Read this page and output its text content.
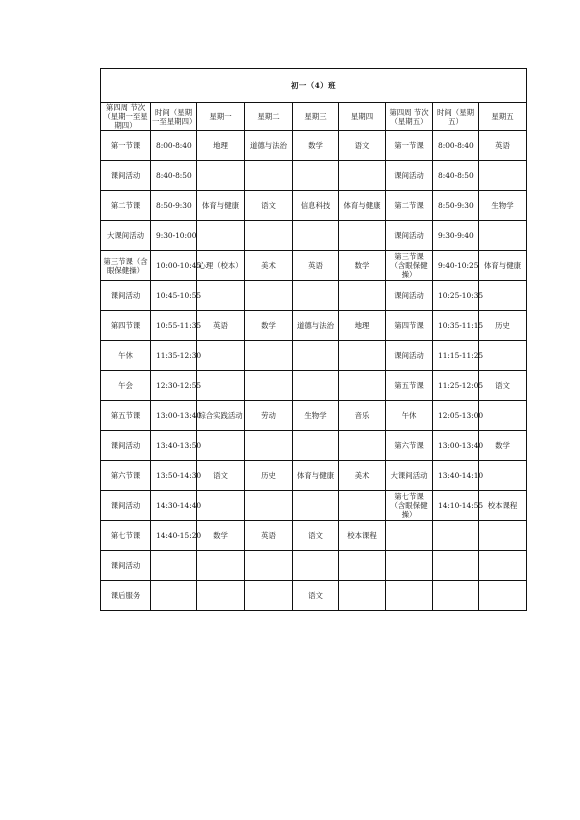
初一（4）班								
第四周 节次（星期一至星期四）	时间（星期一至星期四）	星期一	星期二	星期三	星期四	第四周 节次（星期五）	时间（星期五）	星期五
第一节课	8:00-8:40	地理	道德与法治	数学	语文	第一节课	8:00-8:40	英语
课间活动	8:40-8:50					课间活动	8:40-8:50	
第二节课	8:50-9:30	体育与健康	语文	信息科技	体育与健康	第二节课	8:50-9:30	生物学
大课间活动	9:30-10:00					课间活动	9:30-9:40	
第三节课（含眼保健操）	10:00-10:45	心理（校本）	美术	英语	数学	第三节课（含眼保健操）	9:40-10:25	体育与健康
课间活动	10:45-10:55					课间活动	10:25-10:35	
第四节课	10:55-11:35	英语	数学	道德与法治	地理	第四节课	10:35-11:15	历史
午休	11:35-12:30					课间活动	11:15-11:25	
午会	12:30-12:55					第五节课	11:25-12:05	语文
第五节课	13:00-13:40	综合实践活动	劳动	生物学	音乐	午休	12:05-13:00	
课间活动	13:40-13:50					第六节课	13:00-13:40	数学
第六节课	13:50-14:30	语文	历史	体育与健康	美术	大课间活动	13:40-14:10	
课间活动	14:30-14:40					第七节课（含眼保健操）	14:10-14:55	校本课程
第七节课	14:40-15:20	数学	英语	语文	校本课程			
课间活动								
课后服务				语文				
